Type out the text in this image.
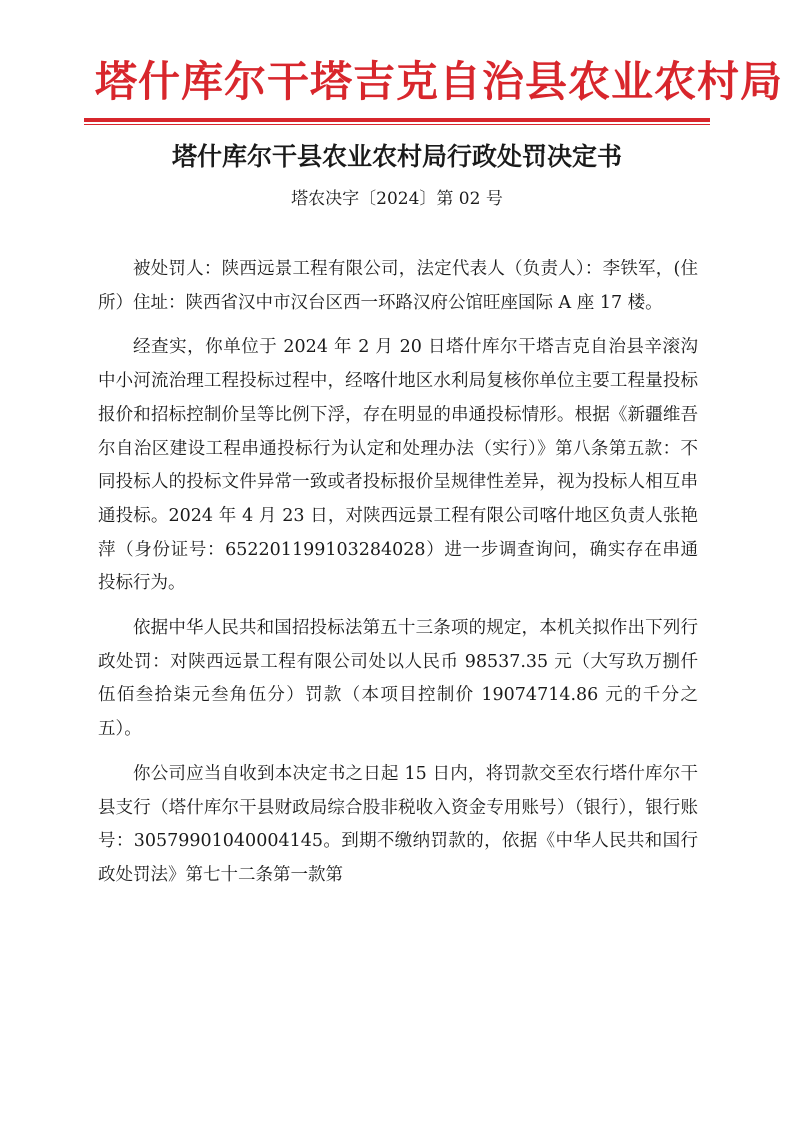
塔什库尔干塔吉克自治县农业农村局
塔什库尔干县农业农村局行政处罚决定书
塔农决字〔2024〕第 02 号

被处罚人：陕西远景工程有限公司，法定代表人（负责人）：李铁军，(住所）住址：陕西省汉中市汉台区西一环路汉府公馆旺座国际 A 座 17 楼。

经查实，你单位于 2024 年 2 月 20 日塔什库尔干塔吉克自治县辛滚沟中小河流治理工程投标过程中，经喀什地区水利局复核你单位主要工程量投标报价和招标控制价呈等比例下浮，存在明显的串通投标情形。根据《新疆维吾尔自治区建设工程串通投标行为认定和处理办法（实行）》第八条第五款：不同投标人的投标文件异常一致或者投标报价呈规律性差异，视为投标人相互串通投标。2024 年 4 月 23 日，对陕西远景工程有限公司喀什地区负责人张艳萍（身份证号：652201199103284028）进一步调查询问，确实存在串通投标行为。

依据中华人民共和国招投标法第五十三条项的规定，本机关拟作出下列行政处罚：对陕西远景工程有限公司处以人民币 98537.35 元（大写玖万捌仟伍佰叁拾柒元叁角伍分）罚款（本项目控制价 19074714.86 元的千分之五）。

你公司应当自收到本决定书之日起 15 日内，将罚款交至农行塔什库尔干县支行（塔什库尔干县财政局综合股非税收入资金专用账号）（银行），银行账号：30579901040004145。到期不缴纳罚款的，依据《中华人民共和国行政处罚法》第七十二条第一款第
